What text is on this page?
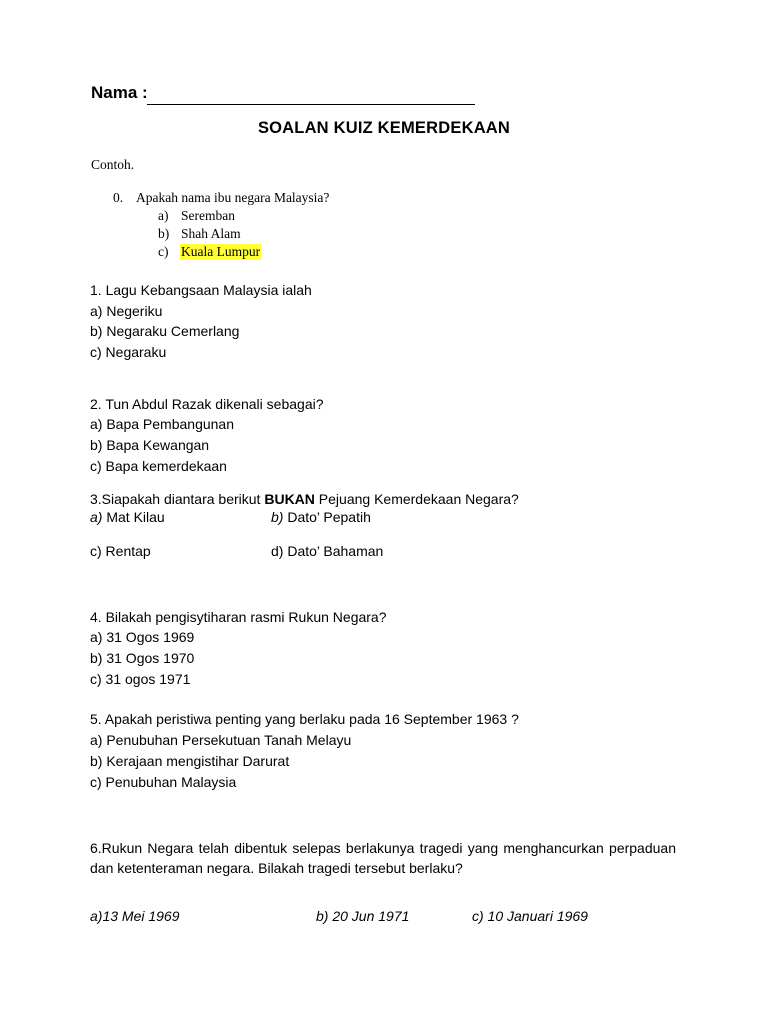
Nama :
SOALAN KUIZ KEMERDEKAAN
Contoh.
0. Apakah nama ibu negara Malaysia?
a) Seremban
b) Shah Alam
c) Kuala Lumpur
1. Lagu Kebangsaan Malaysia ialah
a) Negeriku
b) Negaraku Cemerlang
c) Negaraku
2. Tun Abdul Razak dikenali sebagai?
a) Bapa Pembangunan
b) Bapa Kewangan
c) Bapa kemerdekaan
3.Siapakah diantara berikut BUKAN Pejuang Kemerdekaan Negara?
a) Mat Kilau	b) Dato’ Pepatih
c) Rentap	d) Dato’ Bahaman
4. Bilakah pengisytiharan rasmi Rukun Negara?
a) 31 Ogos 1969
b) 31 Ogos 1970
c) 31 ogos 1971
5. Apakah peristiwa penting yang berlaku pada 16 September 1963 ?
a) Penubuhan Persekutuan Tanah Melayu
b) Kerajaan mengistihar Darurat
c) Penubuhan Malaysia
6.Rukun Negara telah dibentuk selepas berlakunya tragedi yang menghancurkan perpaduan dan ketenteraman negara. Bilakah tragedi tersebut berlaku?
a)13 Mei 1969	b) 20 Jun 1971	c) 10 Januari 1969
